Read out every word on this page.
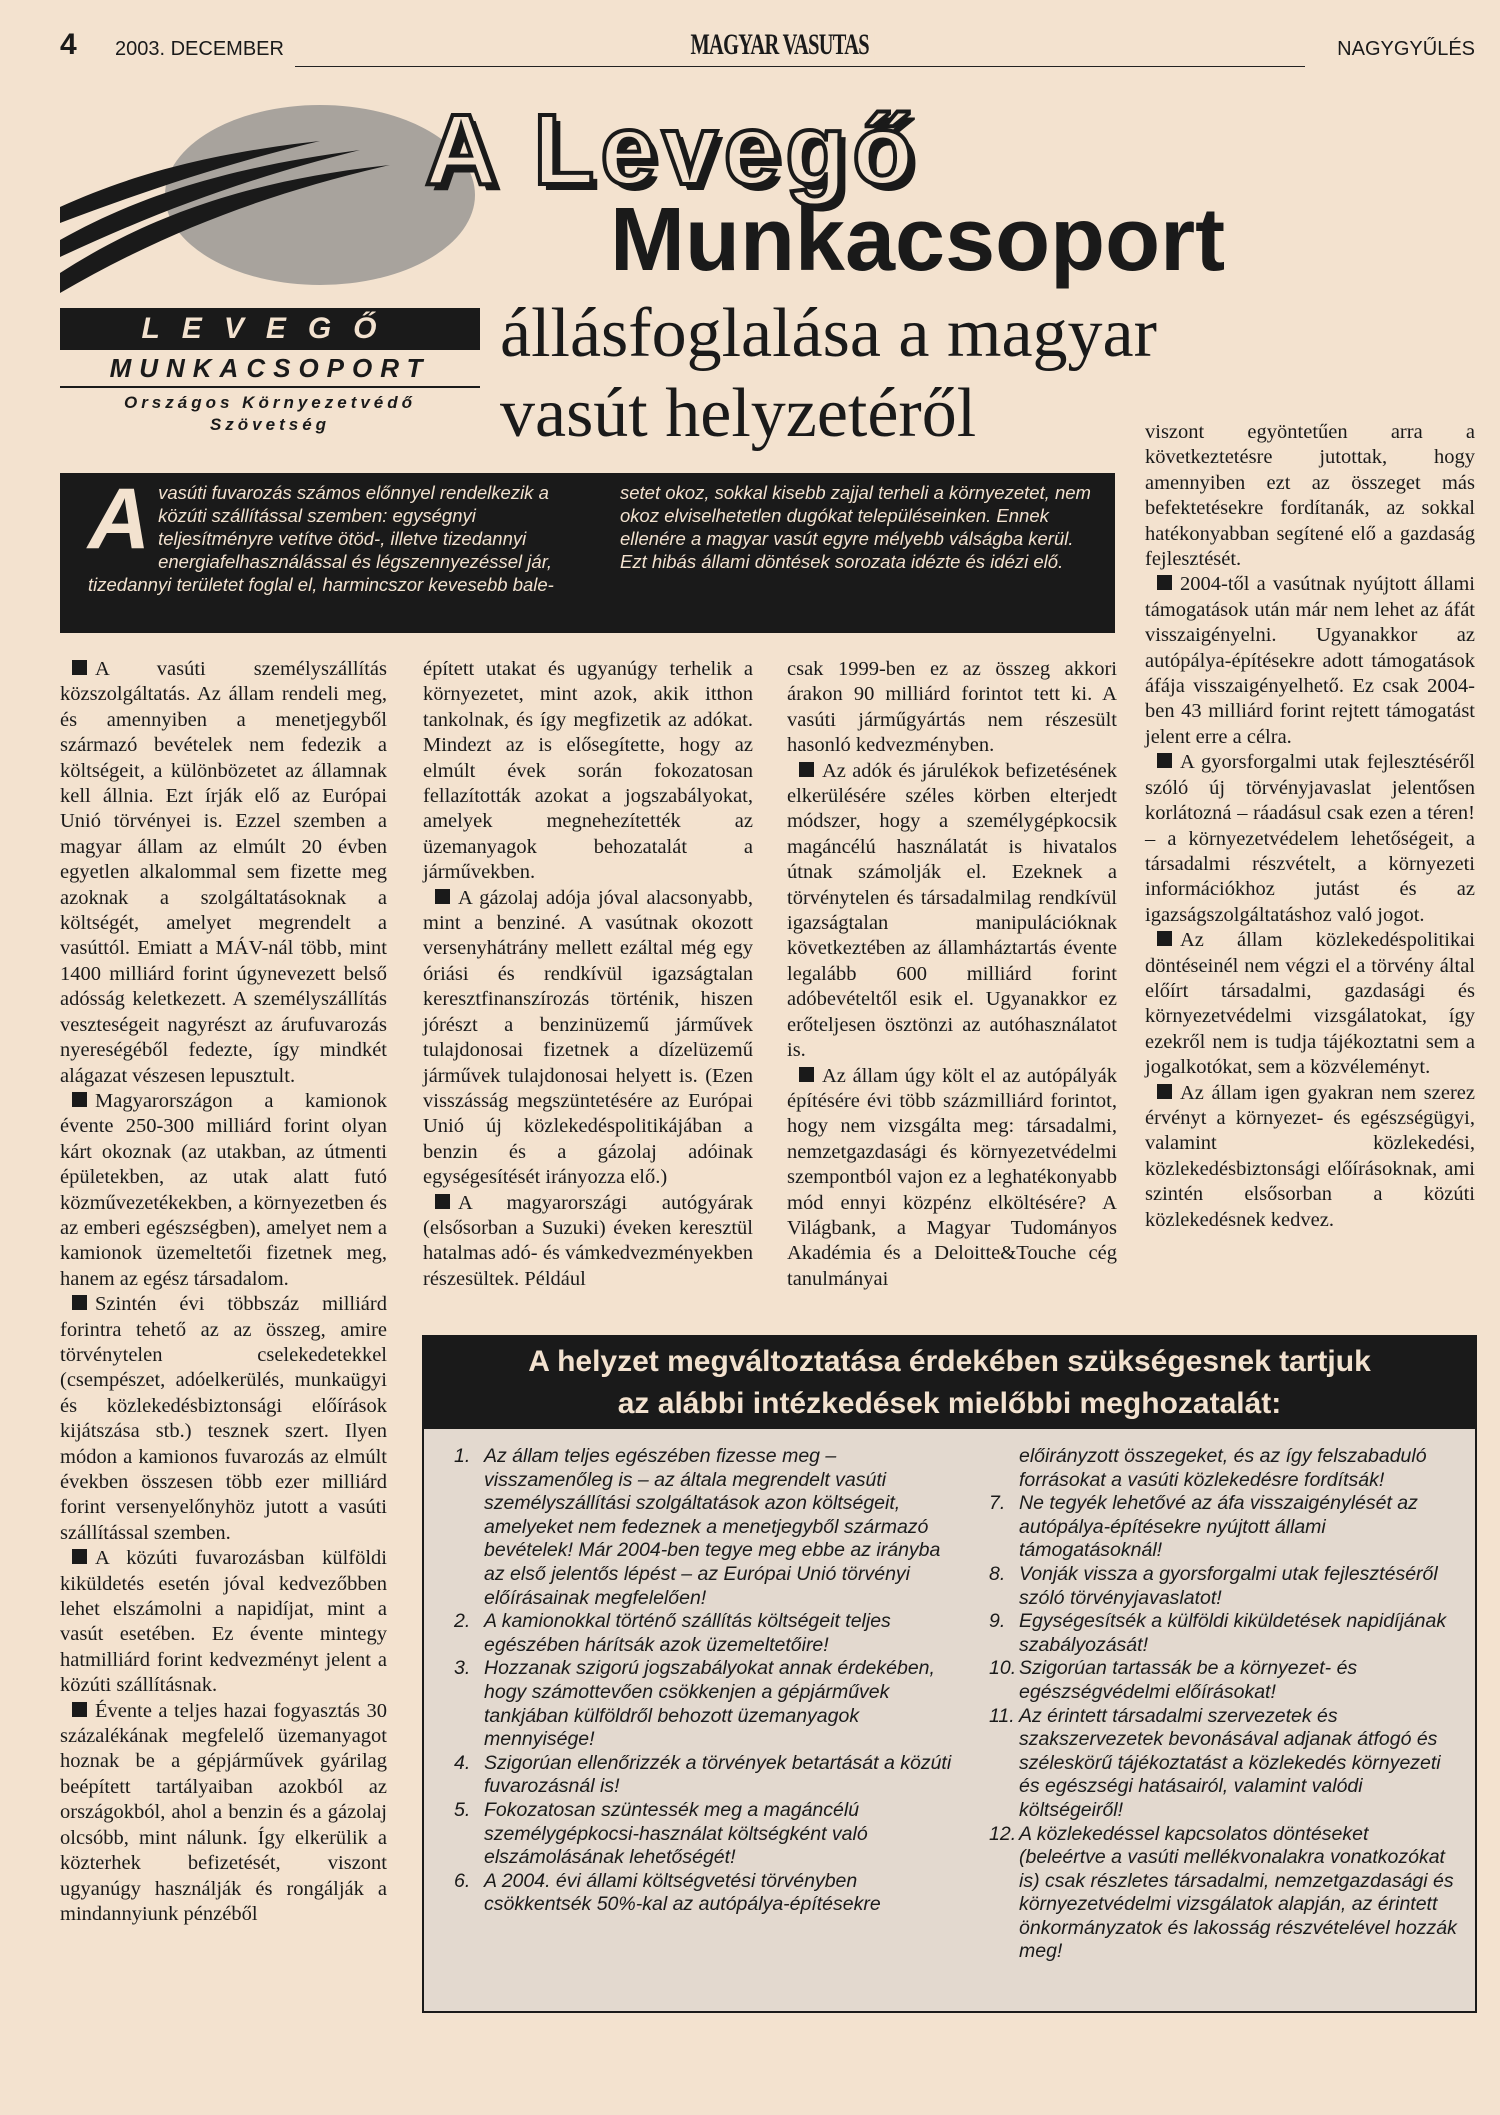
4 2003. DECEMBER	MAGYAR VASUTAS	NAGYGYŰLÉS
LEVEGŐ
MUNKACSOPORT
Országos Környezetvédő
Szövetség
A Levegő
Munkacsoport
állásfoglalása a magyar
vasút helyzetéről
Avasúti fuvarozás számos előnnyel rendelkezik a közúti szállítással szemben: egységnyi teljesítményre vetítve ötöd-, illetve tizedannyi energiafelhasználással és légszennyezéssel jár, tizedannyi területet foglal el, harmincszor kevesebb bale-
setet okoz, sokkal kisebb zajjal terheli a környezetet, nem okoz elviselhetetlen dugókat településeinken. Ennek ellenére a magyar vasút egyre mélyebb válságba kerül. Ezt hibás állami döntések sorozata idézte és idézi elő.

A vasúti személyszállítás közszolgáltatás. Az állam rendeli meg, és amennyiben a menetjegyből származó bevételek nem fedezik a költségeit, a különbözetet az államnak kell állnia. Ezt írják elő az Európai Unió törvényei is. Ezzel szemben a magyar állam az elmúlt 20 évben egyetlen alkalommal sem fizette meg azoknak a szolgáltatásoknak a költségét, amelyet megrendelt a vasúttól. Emiatt a MÁV-nál több, mint 1400 milliárd forint úgynevezett belső adósság keletkezett. A személyszállítás veszteségeit nagyrészt az árufuvarozás nyereségéből fedezte, így mindkét alágazat vészesen lepusztult.

Magyarországon a kamionok évente 250-300 milliárd forint olyan kárt okoznak (az utakban, az útmenti épületekben, az utak alatt futó közművezetékekben, a környezetben és az emberi egészségben), amelyet nem a kamionok üzemeltetői fizetnek meg, hanem az egész társadalom.

Szintén évi többszáz milliárd forintra tehető az az összeg, amire törvénytelen cselekedetekkel (csempészet, adóelkerülés, munkaügyi és közlekedésbiztonsági előírások kijátszása stb.) tesznek szert. Ilyen módon a kamionos fuvarozás az elmúlt években összesen több ezer milliárd forint versenyelőnyhöz jutott a vasúti szállítással szemben.

A közúti fuvarozásban külföldi kiküldetés esetén jóval kedvezőbben lehet elszámolni a napidíjat, mint a vasút esetében. Ez évente mintegy hatmilliárd forint kedvezményt jelent a közúti szállításnak.

Évente a teljes hazai fogyasztás 30 százalékának megfelelő üzemanyagot hoznak be a gépjárművek gyárilag beépített tartályaiban azokból az országokból, ahol a benzin és a gázolaj olcsóbb, mint nálunk. Így elkerülik a közterhek befizetését, viszont ugyanúgy használják és rongálják a mindannyiunk pénzéből

épített utakat és ugyanúgy terhelik a környezetet, mint azok, akik itthon tankolnak, és így megfizetik az adókat. Mindezt az is elősegítette, hogy az elmúlt évek során fokozatosan fellazították azokat a jogszabályokat, amelyek megnehezítették az üzemanyagok behozatalát a járművekben.

A gázolaj adója jóval alacsonyabb, mint a benziné. A vasútnak okozott versenyhátrány mellett ezáltal még egy óriási és rendkívül igazságtalan keresztfinanszírozás történik, hiszen jórészt a benzinüzemű járművek tulajdonosai fizetnek a dízelüzemű járművek tulajdonosai helyett is. (Ezen visszásság megszüntetésére az Európai Unió új közlekedéspolitikájában a benzin és a gázolaj adóinak egységesítését irányozza elő.)

A magyarországi autógyárak (elsősorban a Suzuki) éveken keresztül hatalmas adó- és vámkedvezményekben részesültek. Például

csak 1999-ben ez az összeg akkori árakon 90 milliárd forintot tett ki. A vasúti járműgyártás nem részesült hasonló kedvezményben.

Az adók és járulékok befizetésének elkerülésére széles körben elterjedt módszer, hogy a személygépkocsik magáncélú használatát is hivatalos útnak számolják el. Ezeknek a törvénytelen és társadalmilag rendkívül igazságtalan manipulációknak következtében az államháztartás évente legalább 600 milliárd forint adóbevételtől esik el. Ugyanakkor ez erőteljesen ösztönzi az autóhasználatot is.

Az állam úgy költ el az autópályák építésére évi több százmilliárd forintot, hogy nem vizsgálta meg: társadalmi, nemzetgazdasági és környezetvédelmi szempontból vajon ez a leghatékonyabb mód ennyi közpénz elköltésére? A Világbank, a Magyar Tudományos Akadémia és a Deloitte&Touche cég tanulmányai

viszont egyöntetűen arra a következtetésre jutottak, hogy amennyiben ezt az összeget más befektetésekre fordítanák, az sokkal hatékonyabban segítené elő a gazdaság fejlesztését.

2004-től a vasútnak nyújtott állami támogatások után már nem lehet az áfát visszaigényelni. Ugyanakkor az autópálya-építésekre adott támogatások áfája visszaigényelhető. Ez csak 2004-ben 43 milliárd forint rejtett támogatást jelent erre a célra.

A gyorsforgalmi utak fejlesztéséről szóló új törvényjavaslat jelentősen korlátozná – ráadásul csak ezen a téren! – a környezetvédelem lehetőségeit, a társadalmi részvételt, a környezeti információkhoz jutást és az igazságszolgáltatáshoz való jogot.

Az állam közlekedéspolitikai döntéseinél nem végzi el a törvény által előírt társadalmi, gazdasági és környezetvédelmi vizsgálatokat, így ezekről nem is tudja tájékoztatni sem a jogalkotókat, sem a közvéleményt.

Az állam igen gyakran nem szerez érvényt a környezet- és egészségügyi, valamint közlekedési, közlekedésbiztonsági előírásoknak, ami szintén elsősorban a közúti közlekedésnek kedvez.

A helyzet megváltoztatása érdekében szükségesnek tartjuk
az alábbi intézkedések mielőbbi meghozatalát:

1. Az állam teljes egészében fizesse meg – visszamenőleg is – az általa megrendelt vasúti személyszállítási szolgáltatások azon költségeit, amelyeket nem fedeznek a menetjegyből származó bevételek! Már 2004-ben tegye meg ebbe az irányba az első jelentős lépést – az Európai Unió törvényi előírásainak megfelelően!

2. A kamionokkal történő szállítás költségeit teljes egészében hárítsák azok üzemeltetőire!

3. Hozzanak szigorú jogszabályokat annak érdekében, hogy számottevően csökkenjen a gépjárművek tankjában külföldről behozott üzemanyagok mennyisége!

4. Szigorúan ellenőrizzék a törvények betartását a közúti fuvarozásnál is!

5. Fokozatosan szüntessék meg a magáncélú személygépkocsi-használat költségként való elszámolásának lehetőségét!

6. A 2004. évi állami költségvetési törvényben csökkentsék 50%-kal az autópálya-építésekre

előirányzott összegeket, és az így felszabaduló forrásokat a vasúti közlekedésre fordítsák!

7. Ne tegyék lehetővé az áfa visszaigénylését az autópálya-építésekre nyújtott állami támogatásoknál!

8. Vonják vissza a gyorsforgalmi utak fejlesztéséről szóló törvényjavaslatot!

9. Egységesítsék a külföldi kiküldetések napidíjának szabályozását!

10. Szigorúan tartassák be a környezet- és egészségvédelmi előírásokat!

11. Az érintett társadalmi szervezetek és szakszervezetek bevonásával adjanak átfogó és széleskörű tájékoztatást a közlekedés környezeti és egészségi hatásairól, valamint valódi költségeiről!

12. A közlekedéssel kapcsolatos döntéseket (beleértve a vasúti mellékvonalakra vonatkozókat is) csak részletes társadalmi, nemzetgazdasági és környezetvédelmi vizsgálatok alapján, az érintett önkormányzatok és lakosság részvételével hozzák meg!
